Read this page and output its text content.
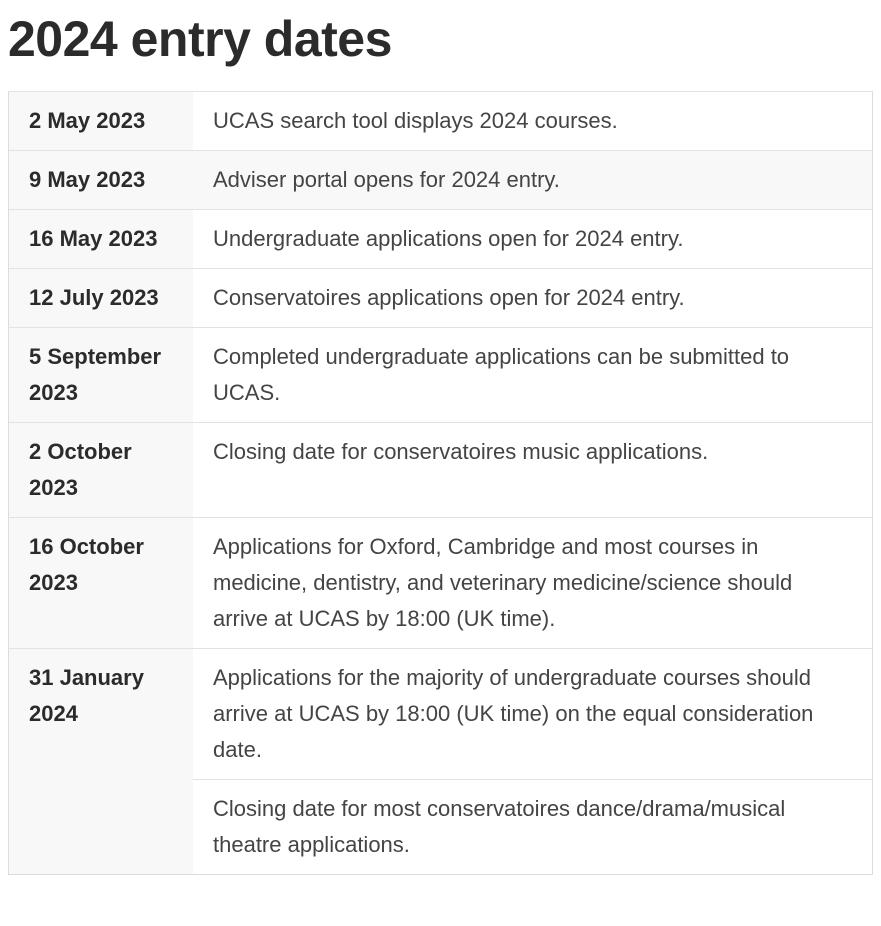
2024 entry dates
2 May 2023	UCAS search tool displays 2024 courses.
9 May 2023	Adviser portal opens for 2024 entry.
16 May 2023	Undergraduate applications open for 2024 entry.
12 July 2023	Conservatoires applications open for 2024 entry.
5 September 2023	Completed undergraduate applications can be submitted to UCAS.
2 October 2023	Closing date for conservatoires music applications.
16 October 2023	Applications for Oxford, Cambridge and most courses in medicine, dentistry, and veterinary medicine/science should arrive at UCAS by 18:00 (UK time).
31 January 2024	Applications for the majority of undergraduate courses should arrive at UCAS by 18:00 (UK time) on the equal consideration date.
	Closing date for most conservatoires dance/drama/musical theatre applications.
